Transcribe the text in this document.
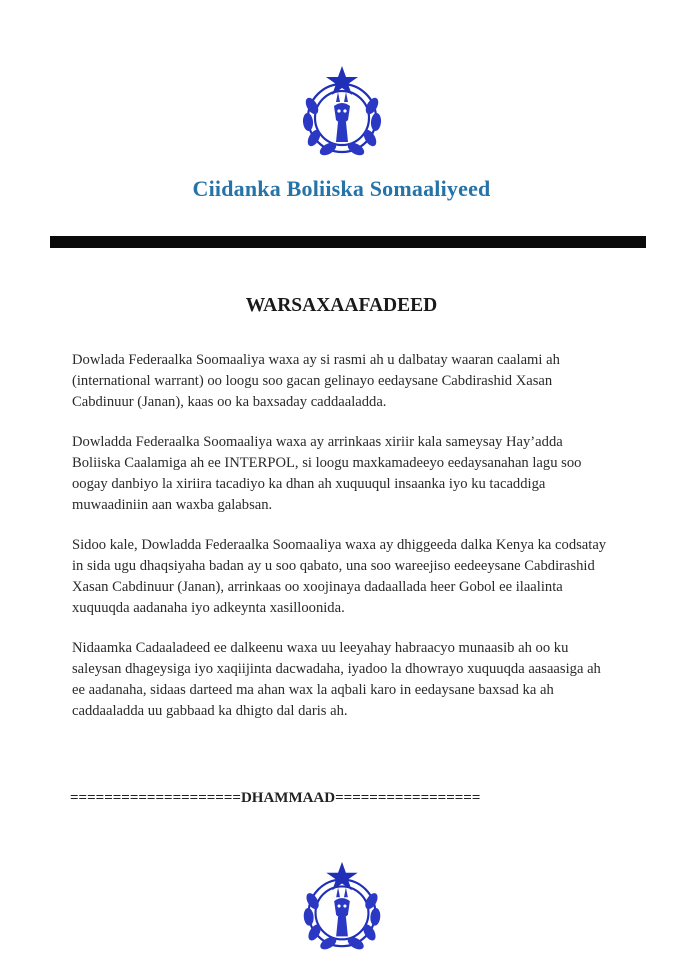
Ciidanka Boliiska Somaaliyeed
WARSAXAAFADEED

Dowlada Federaalka Soomaaliya waxa ay si rasmi ah u dalbatay waaran caalami ah (international warrant) oo loogu soo gacan gelinayo eedaysane Cabdirashid Xasan Cabdinuur (Janan), kaas oo ka baxsaday caddaaladda.

Dowladda Federaalka Soomaaliya waxa ay arrinkaas xiriir kala sameysay Hay’adda Boliiska Caalamiga ah ee INTERPOL, si loogu maxkamadeeyo eedaysanahan lagu soo oogay danbiyo la xiriira tacadiyo ka dhan ah xuquuqul insaanka iyo ku tacaddiga muwaadiniin aan waxba galabsan.

Sidoo kale, Dowladda Federaalka Soomaaliya waxa ay dhiggeeda dalka Kenya ka codsatay in sida ugu dhaqsiyaha badan ay u soo qabato, una soo wareejiso eedeeysane Cabdirashid Xasan Cabdinuur (Janan), arrinkaas oo xoojinaya dadaallada heer Gobol ee ilaalinta xuquuqda aadanaha iyo adkeynta xasilloonida.

Nidaamka Cadaaladeed ee dalkeenu waxa uu leeyahay habraacyo munaasib ah oo ku saleysan dhageysiga iyo xaqiijinta dacwadaha, iyadoo la dhowrayo xuquuqda aasaasiga ah ee aadanaha, sidaas darteed ma ahan wax la aqbali karo in eedaysane baxsad ka ah caddaaladda uu gabbaad ka dhigto dal daris ah.

====================DHAMMAAD=================
